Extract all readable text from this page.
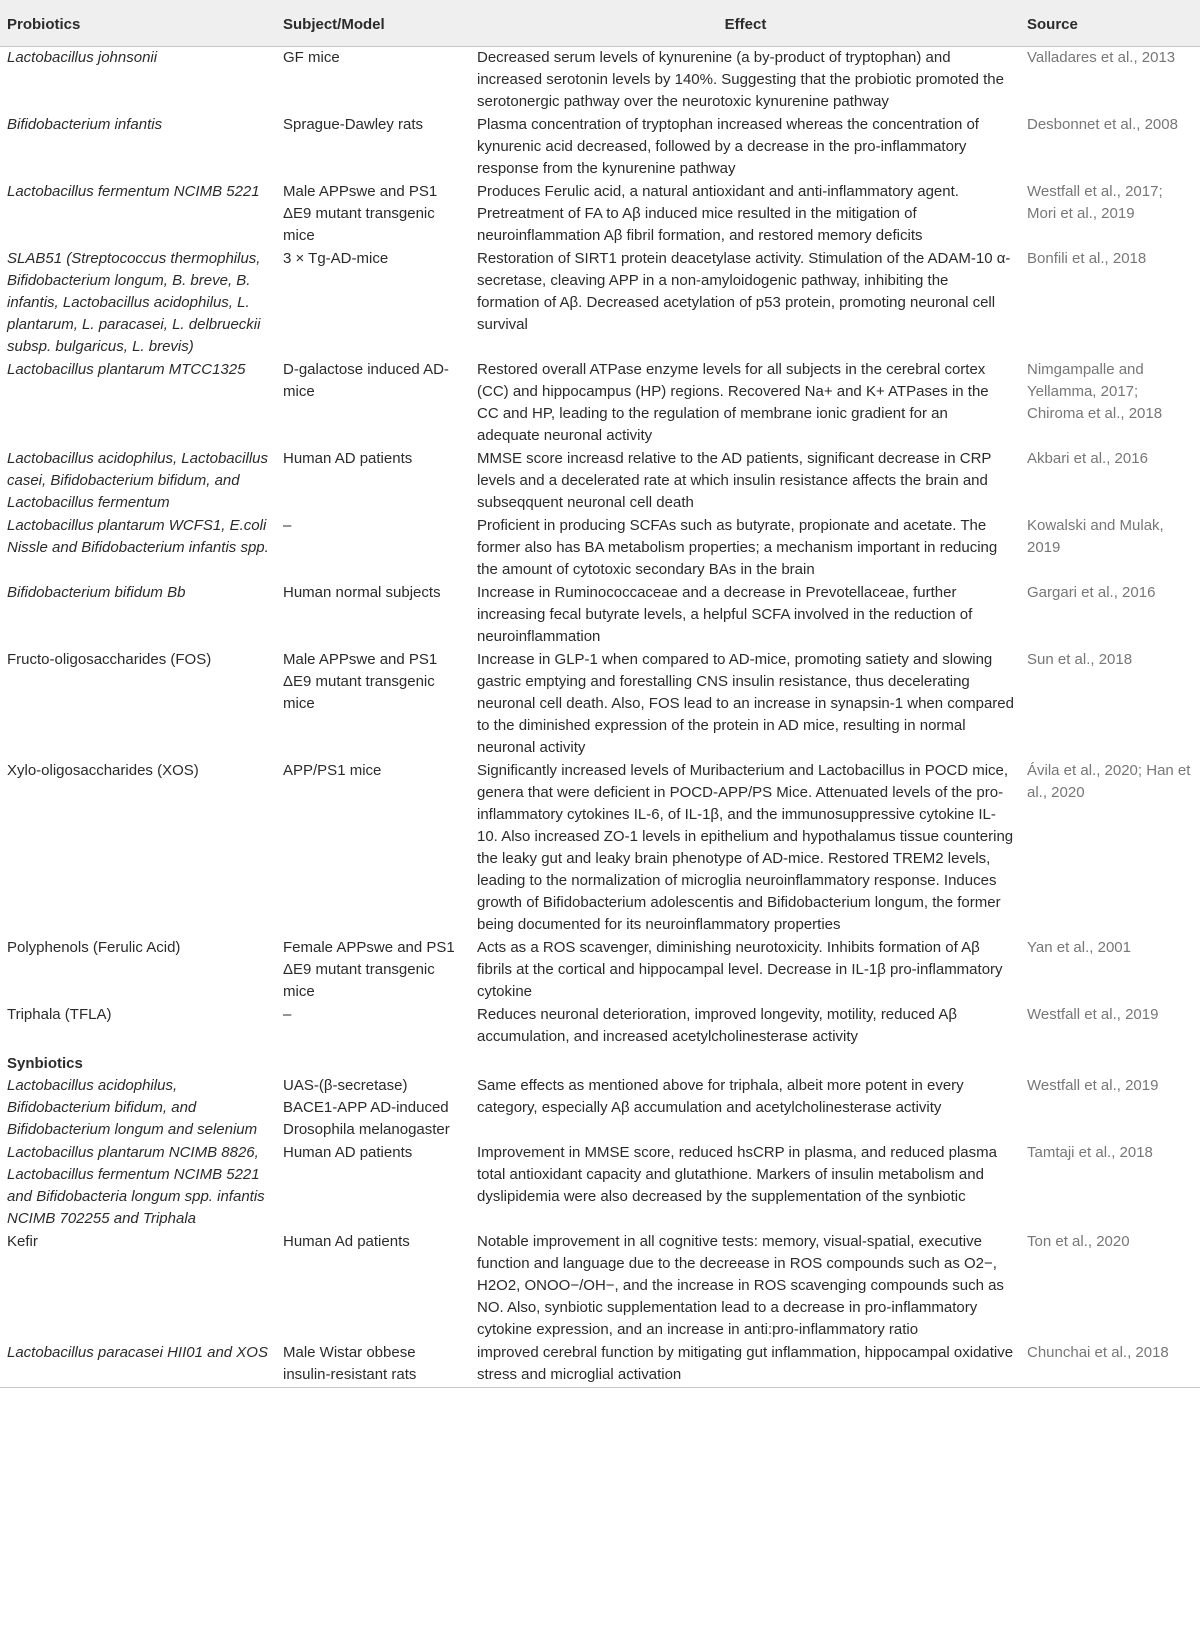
Probiotics	Subject/Model	Effect	Source
Lactobacillus johnsonii	GF mice	Decreased serum levels of kynurenine (a by-product of tryptophan) and increased serotonin levels by 140%. Suggesting that the probiotic promoted the serotonergic pathway over the neurotoxic kynurenine pathway	Valladares et al., 2013
Bifidobacterium infantis	Sprague-Dawley rats	Plasma concentration of tryptophan increased whereas the concentration of kynurenic acid decreased, followed by a decrease in the pro-inflammatory response from the kynurenine pathway	Desbonnet et al., 2008
Lactobacillus fermentum NCIMB 5221	Male APPswe and PS1 ΔE9 mutant transgenic mice	Produces Ferulic acid, a natural antioxidant and anti-inflammatory agent. Pretreatment of FA to Aβ induced mice resulted in the mitigation of neuroinflammation Aβ fibril formation, and restored memory deficits	Westfall et al., 2017; Mori et al., 2019
SLAB51 (Streptococcus thermophilus, Bifidobacterium longum, B. breve, B. infantis, Lactobacillus acidophilus, L. plantarum, L. paracasei, L. delbrueckii subsp. bulgaricus, L. brevis)	3 × Tg-AD-mice	Restoration of SIRT1 protein deacetylase activity. Stimulation of the ADAM-10 α-secretase, cleaving APP in a non-amyloidogenic pathway, inhibiting the formation of Aβ. Decreased acetylation of p53 protein, promoting neuronal cell survival	Bonfili et al., 2018
Lactobacillus plantarum MTCC1325	D-galactose induced AD-mice	Restored overall ATPase enzyme levels for all subjects in the cerebral cortex (CC) and hippocampus (HP) regions. Recovered Na+ and K+ ATPases in the CC and HP, leading to the regulation of membrane ionic gradient for an adequate neuronal activity	Nimgampalle and Yellamma, 2017; Chiroma et al., 2018
Lactobacillus acidophilus, Lactobacillus casei, Bifidobacterium bifidum, and Lactobacillus fermentum	Human AD patients	MMSE score increasd relative to the AD patients, significant decrease in CRP levels and a decelerated rate at which insulin resistance affects the brain and subseqquent neuronal cell death	Akbari et al., 2016
Lactobacillus plantarum WCFS1, E.coli Nissle and Bifidobacterium infantis spp.	–	Proficient in producing SCFAs such as butyrate, propionate and acetate. The former also has BA metabolism properties; a mechanism important in reducing the amount of cytotoxic secondary BAs in the brain	Kowalski and Mulak, 2019
Bifidobacterium bifidum Bb	Human normal subjects	Increase in Ruminococcaceae and a decrease in Prevotellaceae, further increasing fecal butyrate levels, a helpful SCFA involved in the reduction of neuroinflammation	Gargari et al., 2016
Fructo-oligosaccharides (FOS)	Male APPswe and PS1 ΔE9 mutant transgenic mice	Increase in GLP-1 when compared to AD-mice, promoting satiety and slowing gastric emptying and forestalling CNS insulin resistance, thus decelerating neuronal cell death. Also, FOS lead to an increase in synapsin-1 when compared to the diminished expression of the protein in AD mice, resulting in normal neuronal activity	Sun et al., 2018
Xylo-oligosaccharides (XOS)	APP/PS1 mice	Significantly increased levels of Muribacterium and Lactobacillus in POCD mice, genera that were deficient in POCD-APP/PS Mice. Attenuated levels of the pro-inflammatory cytokines IL-6, of IL-1β, and the immunosuppressive cytokine IL-10. Also increased ZO-1 levels in epithelium and hypothalamus tissue countering the leaky gut and leaky brain phenotype of AD-mice. Restored TREM2 levels, leading to the normalization of microglia neuroinflammatory response. Induces growth of Bifidobacterium adolescentis and Bifidobacterium longum, the former being documented for its neuroinflammatory properties	Ávila et al., 2020; Han et al., 2020
Polyphenols (Ferulic Acid)	Female APPswe and PS1 ΔE9 mutant transgenic mice	Acts as a ROS scavenger, diminishing neurotoxicity. Inhibits formation of Aβ fibrils at the cortical and hippocampal level. Decrease in IL-1β pro-inflammatory cytokine	Yan et al., 2001
Triphala (TFLA)	–	Reduces neuronal deterioration, improved longevity, motility, reduced Aβ accumulation, and increased acetylcholinesterase activity	Westfall et al., 2019
Synbiotics			
Lactobacillus acidophilus, Bifidobacterium bifidum, and Bifidobacterium longum and selenium	UAS-(β-secretase) BACE1-APP AD-induced Drosophila melanogaster	Same effects as mentioned above for triphala, albeit more potent in every category, especially Aβ accumulation and acetylcholinesterase activity	Westfall et al., 2019
Lactobacillus plantarum NCIMB 8826, Lactobacillus fermentum NCIMB 5221 and Bifidobacteria longum spp. infantis NCIMB 702255 and Triphala	Human AD patients	Improvement in MMSE score, reduced hsCRP in plasma, and reduced plasma total antioxidant capacity and glutathione. Markers of insulin metabolism and dyslipidemia were also decreased by the supplementation of the synbiotic	Tamtaji et al., 2018
Kefir	Human Ad patients	Notable improvement in all cognitive tests: memory, visual-spatial, executive function and language due to the decreease in ROS compounds such as O2−, H2O2, ONOO−/OH−, and the increase in ROS scavenging compounds such as NO. Also, synbiotic supplementation lead to a decrease in pro-inflammatory cytokine expression, and an increase in anti:pro-inflammatory ratio	Ton et al., 2020
Lactobacillus paracasei HII01 and XOS	Male Wistar obbese insulin-resistant rats	improved cerebral function by mitigating gut inflammation, hippocampal oxidative stress and microglial activation	Chunchai et al., 2018
